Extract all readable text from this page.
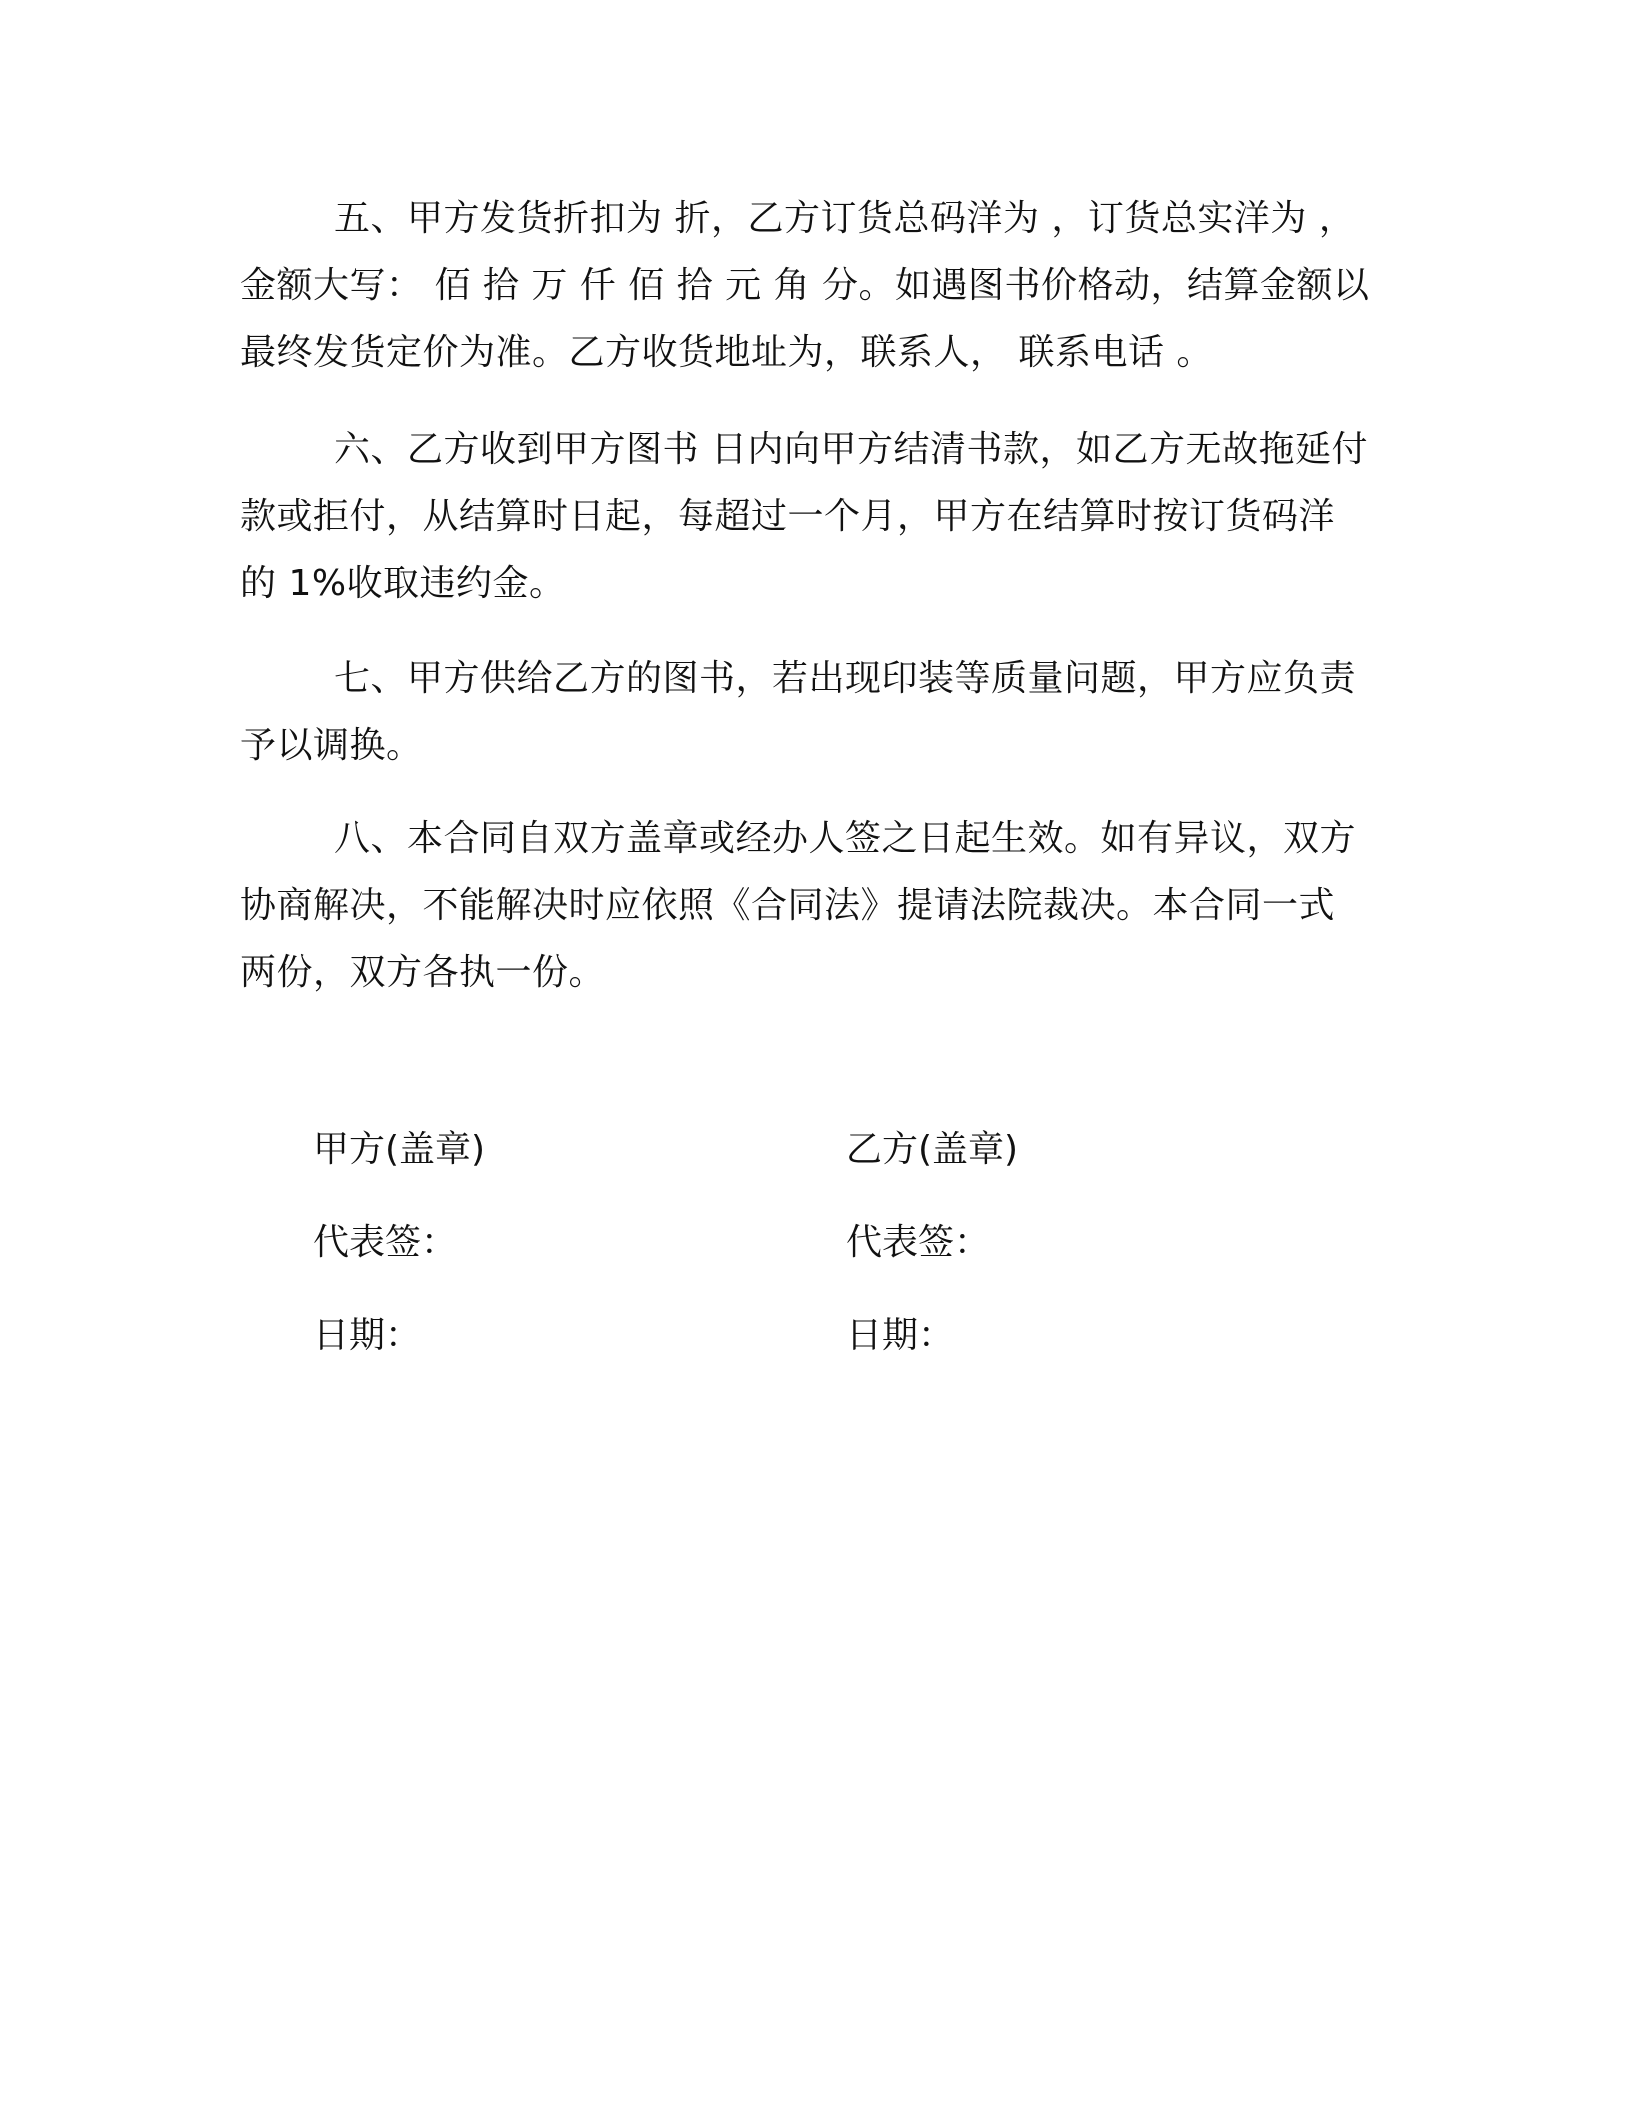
五、甲方发货折扣为 折，乙方订货总码洋为 ，订货总实洋为 ，
金额大写： 佰 拾 万 仟 佰 拾 元 角 分。如遇图书价格动，结算金额以
最终发货定价为准。乙方收货地址为，联系人， 联系电话 。
六、乙方收到甲方图书 日内向甲方结清书款，如乙方无故拖延付
款或拒付，从结算时日起，每超过一个月，甲方在结算时按订货码洋
的 1%收取违约金。
七、甲方供给乙方的图书，若出现印装等质量问题，甲方应负责
予以调换。
八、本合同自双方盖章或经办人签之日起生效。如有异议，双方
协商解决，不能解决时应依照《合同法》提请法院裁决。本合同一式
两份，双方各执一份。
甲方(盖章)
代表签：
日期：
乙方(盖章)
代表签：
日期：
